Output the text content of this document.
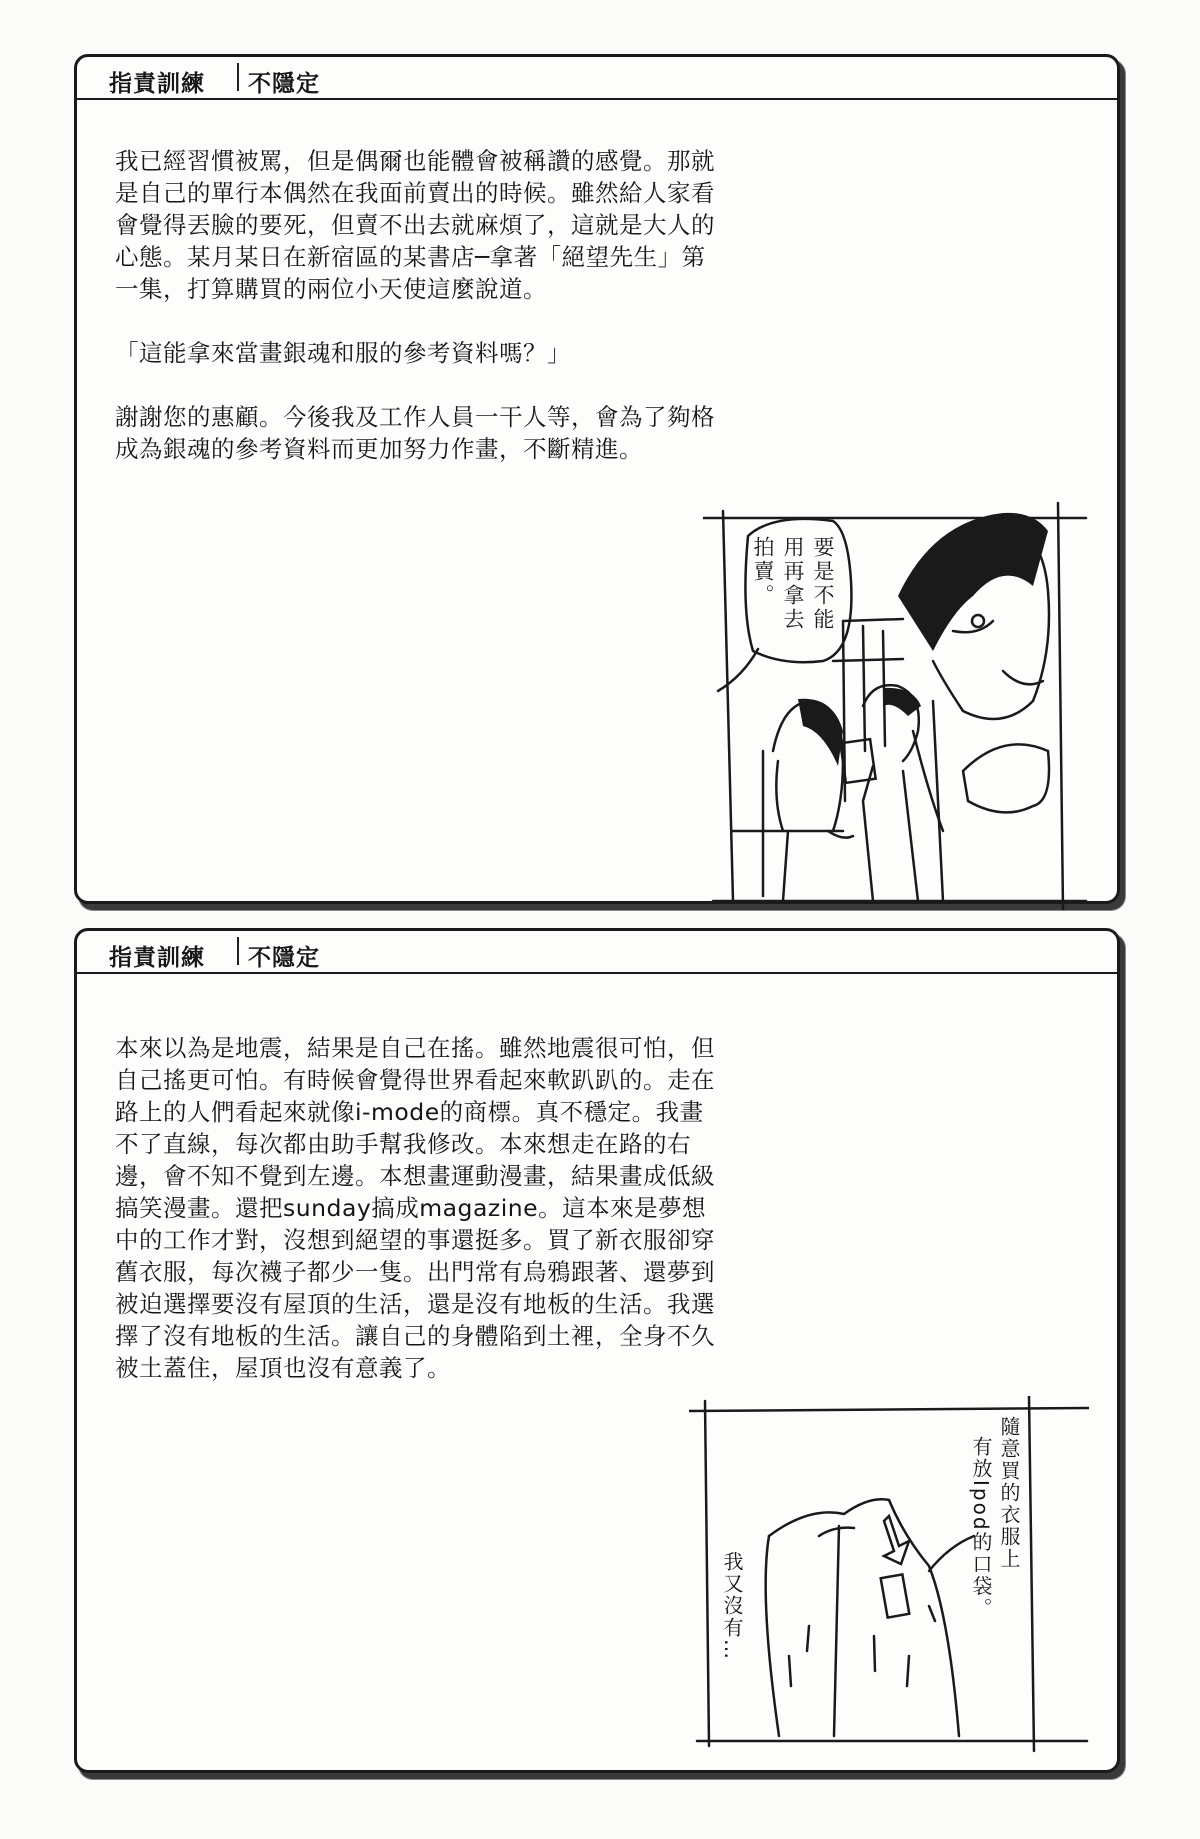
指責訓練 不隱定

我已經習慣被罵，但是偶爾也能體會被稱讚的感覺。那就是自己的單行本偶然在我面前賣出的時候。雖然給人家看會覺得丟臉的要死，但賣不出去就麻煩了，這就是大人的心態。某月某日在新宿區的某書店─拿著「絕望先生」第一集，打算購買的兩位小天使這麼說道。

「這能拿來當畫銀魂和服的參考資料嗎？」

謝謝您的惠顧。今後我及工作人員一干人等，會為了夠格成為銀魂的參考資料而更加努力作畫，不斷精進。

要是不能
用再拿去
拍賣。
指責訓練 不隱定

本來以為是地震，結果是自己在搖。雖然地震很可怕，但自己搖更可怕。有時候會覺得世界看起來軟趴趴的。走在路上的人們看起來就像i-mode的商標。真不穩定。我畫不了直線，每次都由助手幫我修改。本來想走在路的右邊，會不知不覺到左邊。本想畫運動漫畫，結果畫成低級搞笑漫畫。還把sunday搞成magazine。這本來是夢想中的工作才對，沒想到絕望的事還挺多。買了新衣服卻穿舊衣服，每次襪子都少一隻。出門常有烏鴉跟著、還夢到被迫選擇要沒有屋頂的生活，還是沒有地板的生活。我選擇了沒有地板的生活。讓自己的身體陷到土裡，全身不久被土蓋住，屋頂也沒有意義了。

隨意買的衣服上
有放Ipod的口袋。
我又沒有…
